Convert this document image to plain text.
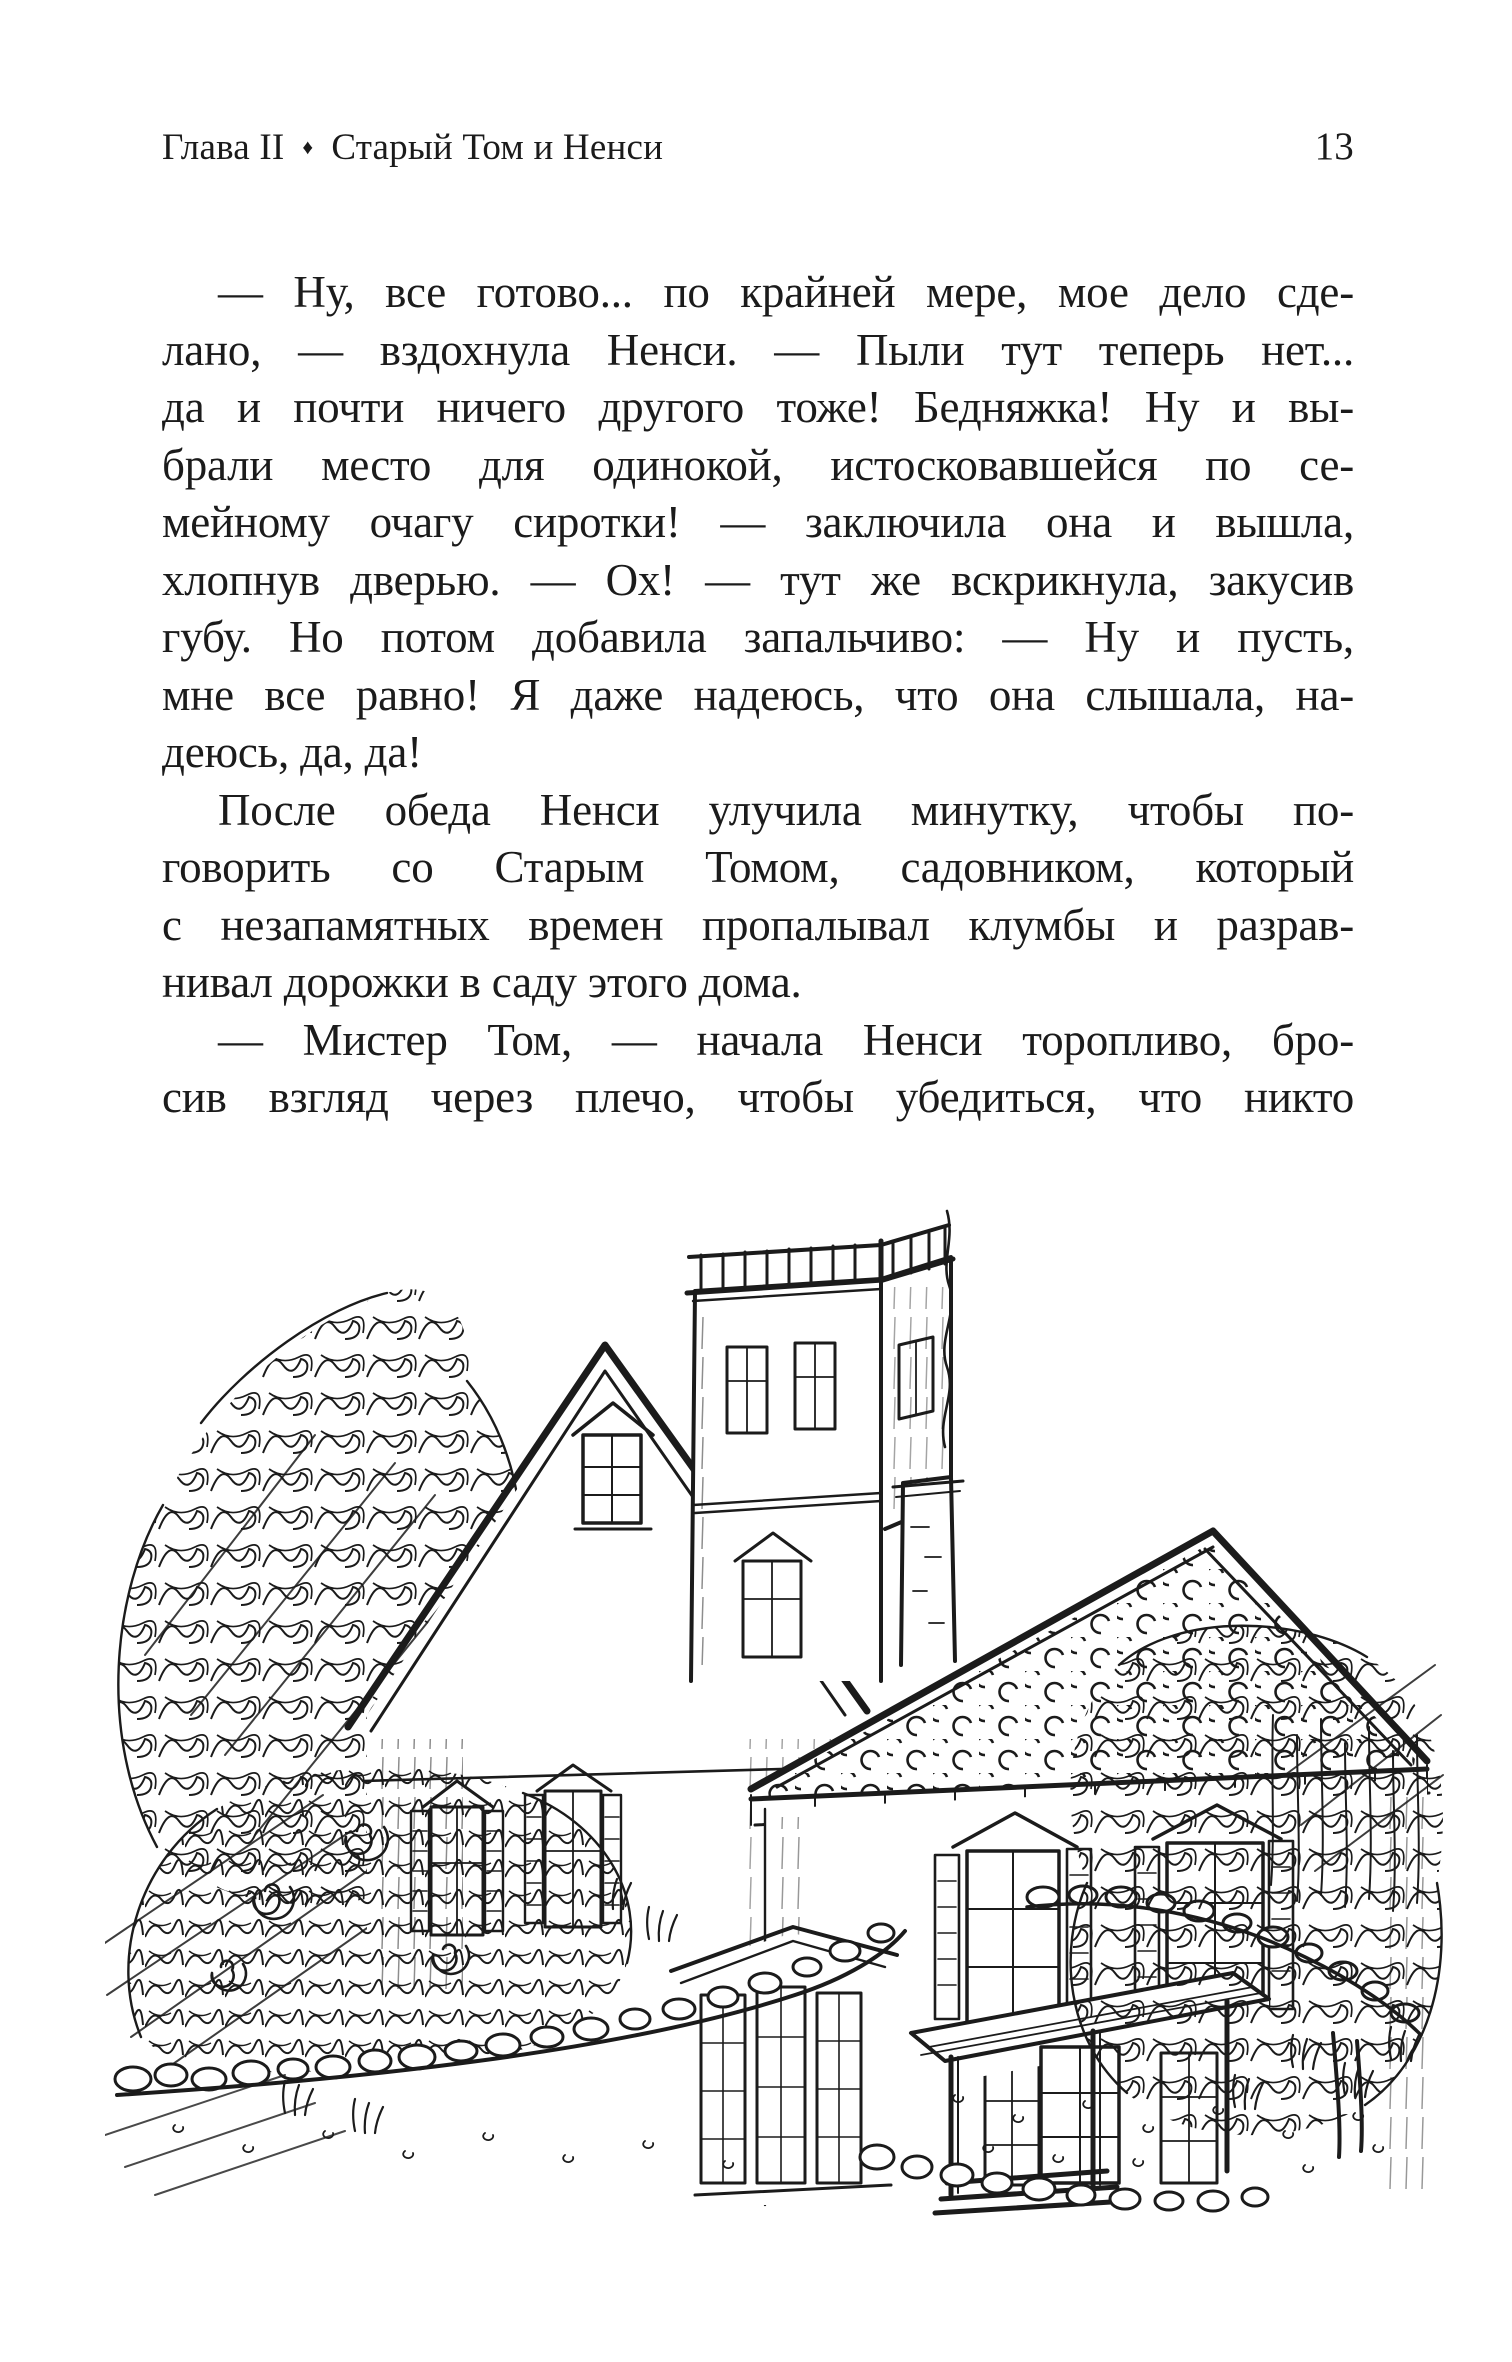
Глава II ♦ Старый Том и Ненси	13
— Ну, все готово... по крайней мере, мое дело сде-
лано, — вздохнула Ненси. — Пыли тут теперь нет...
да и почти ничего другого тоже! Бедняжка! Ну и вы-
брали место для одинокой, истосковавшейся по се-
мейному очагу сиротки! — заключила она и вышла,
хлопнув дверью. — Ох! — тут же вскрикнула, закусив
губу. Но потом добавила запальчиво: — Ну и пусть,
мне все равно! Я даже надеюсь, что она слышала, на-
деюсь, да, да!
После обеда Ненси улучила минутку, чтобы по-
говорить со Старым Томом, садовником, который
с незапамятных времен пропалывал клумбы и разрав-
нивал дорожки в саду этого дома.
— Мистер Том, — начала Ненси торопливо, бро-
сив взгляд через плечо, чтобы убедиться, что никто
